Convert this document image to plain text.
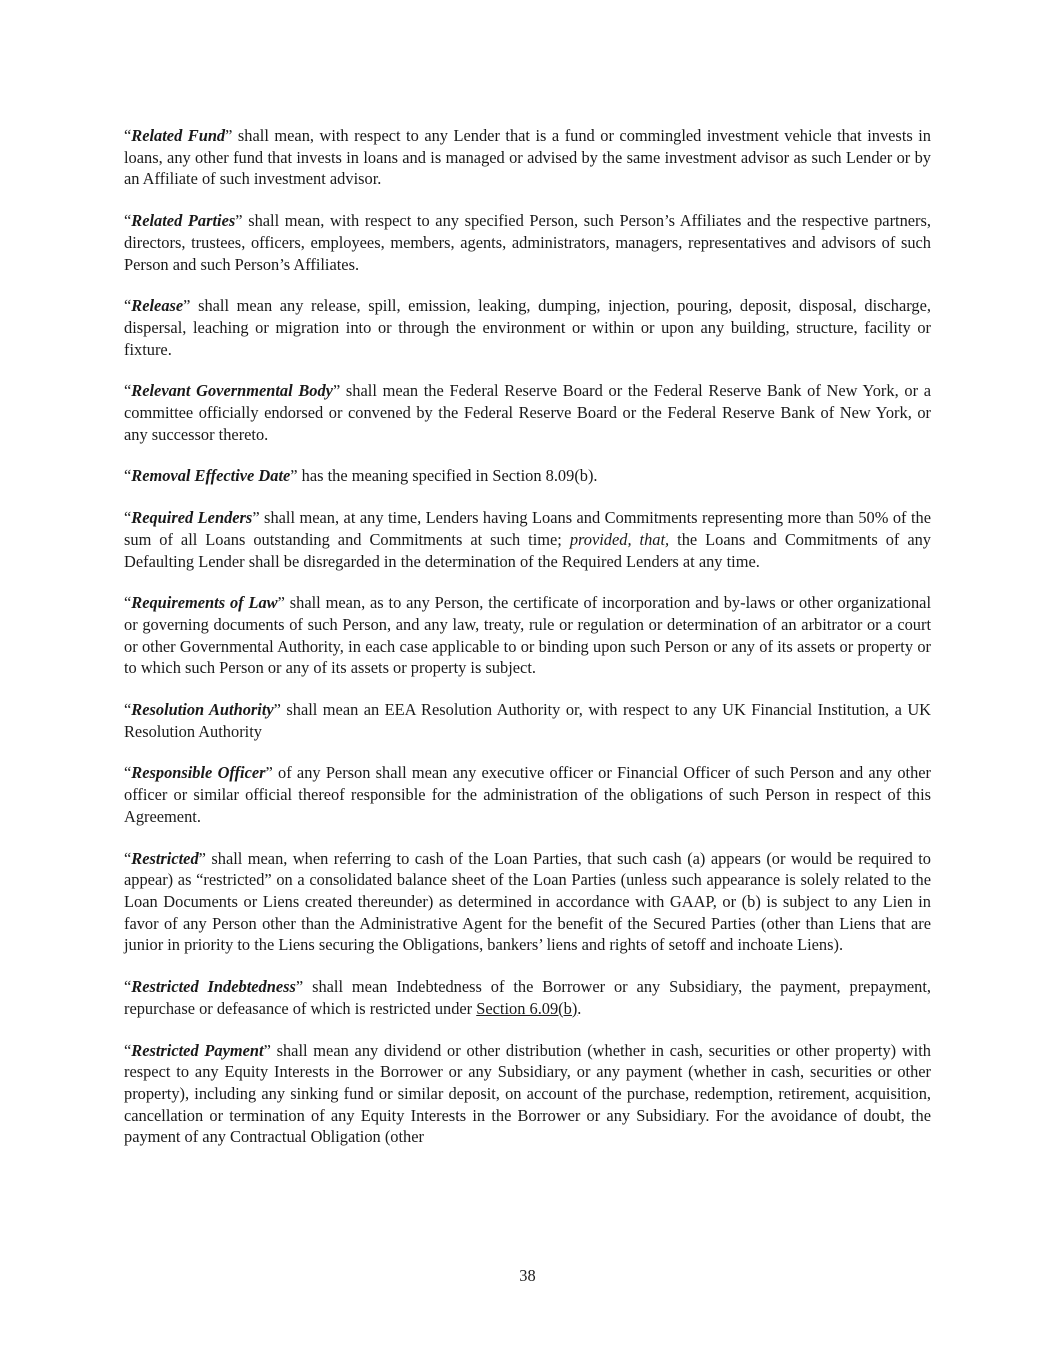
“Related Fund” shall mean, with respect to any Lender that is a fund or commingled investment vehicle that invests in loans, any other fund that invests in loans and is managed or advised by the same investment advisor as such Lender or by an Affiliate of such investment advisor.

“Related Parties” shall mean, with respect to any specified Person, such Person’s Affiliates and the respective partners, directors, trustees, officers, employees, members, agents, administrators, managers, representatives and advisors of such Person and such Person’s Affiliates.

“Release” shall mean any release, spill, emission, leaking, dumping, injection, pouring, deposit, disposal, discharge, dispersal, leaching or migration into or through the environment or within or upon any building, structure, facility or fixture.

“Relevant Governmental Body” shall mean the Federal Reserve Board or the Federal Reserve Bank of New York, or a committee officially endorsed or convened by the Federal Reserve Board or the Federal Reserve Bank of New York, or any successor thereto.

“Removal Effective Date” has the meaning specified in Section 8.09(b).

“Required Lenders” shall mean, at any time, Lenders having Loans and Commitments representing more than 50% of the sum of all Loans outstanding and Commitments at such time; provided, that, the Loans and Commitments of any Defaulting Lender shall be disregarded in the determination of the Required Lenders at any time.

“Requirements of Law” shall mean, as to any Person, the certificate of incorporation and by-laws or other organizational or governing documents of such Person, and any law, treaty, rule or regulation or determination of an arbitrator or a court or other Governmental Authority, in each case applicable to or binding upon such Person or any of its assets or property or to which such Person or any of its assets or property is subject.

“Resolution Authority” shall mean an EEA Resolution Authority or, with respect to any UK Financial Institution, a UK Resolution Authority

“Responsible Officer” of any Person shall mean any executive officer or Financial Officer of such Person and any other officer or similar official thereof responsible for the administration of the obligations of such Person in respect of this Agreement.

“Restricted” shall mean, when referring to cash of the Loan Parties, that such cash (a) appears (or would be required to appear) as “restricted” on a consolidated balance sheet of the Loan Parties (unless such appearance is solely related to the Loan Documents or Liens created thereunder) as determined in accordance with GAAP, or (b) is subject to any Lien in favor of any Person other than the Administrative Agent for the benefit of the Secured Parties (other than Liens that are junior in priority to the Liens securing the Obligations, bankers’ liens and rights of setoff and inchoate Liens).

“Restricted Indebtedness” shall mean Indebtedness of the Borrower or any Subsidiary, the payment, prepayment, repurchase or defeasance of which is restricted under Section 6.09(b).

“Restricted Payment” shall mean any dividend or other distribution (whether in cash, securities or other property) with respect to any Equity Interests in the Borrower or any Subsidiary, or any payment (whether in cash, securities or other property), including any sinking fund or similar deposit, on account of the purchase, redemption, retirement, acquisition, cancellation or termination of any Equity Interests in the Borrower or any Subsidiary. For the avoidance of doubt, the payment of any Contractual Obligation (other

38
